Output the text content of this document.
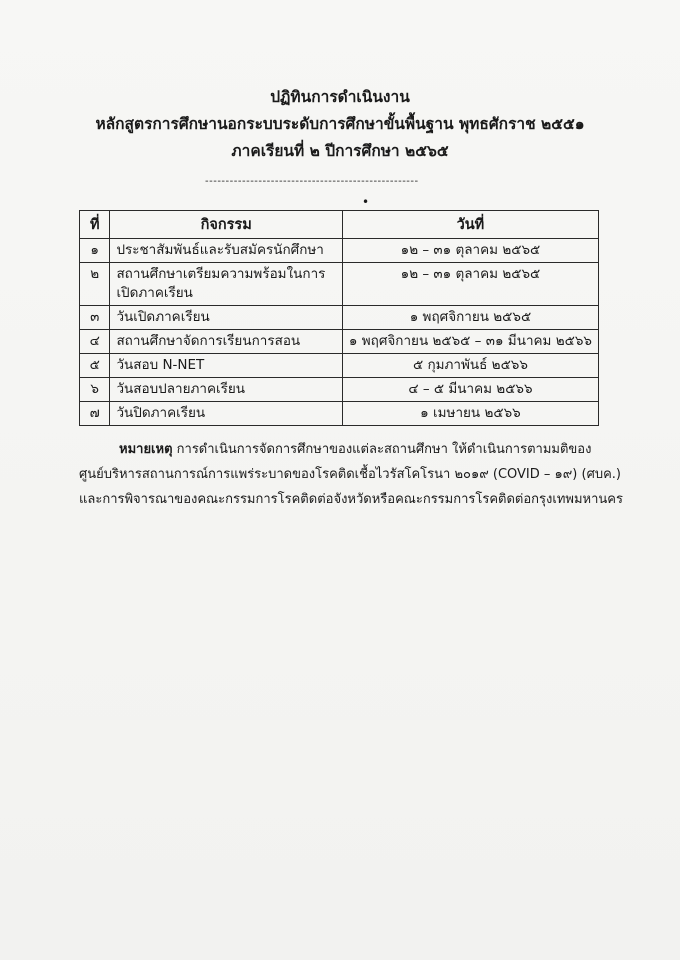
ปฏิทินการดำเนินงาน
หลักสูตรการศึกษานอกระบบระดับการศึกษาขั้นพื้นฐาน พุทธศักราช ๒๕๕๑
ภาคเรียนที่ ๒ ปีการศึกษา ๒๕๖๕
----------------------------------------------------
•
ที่	กิจกรรม	วันที่
๑	ประชาสัมพันธ์และรับสมัครนักศึกษา	๑๒ – ๓๑ ตุลาคม ๒๕๖๕
๒	สถานศึกษาเตรียมความพร้อมในการเปิดภาคเรียน	๑๒ – ๓๑ ตุลาคม ๒๕๖๕
๓	วันเปิดภาคเรียน	๑ พฤศจิกายน ๒๕๖๕
๔	สถานศึกษาจัดการเรียนการสอน	๑ พฤศจิกายน ๒๕๖๕ – ๓๑ มีนาคม ๒๕๖๖
๕	วันสอบ N-NET	๕ กุมภาพันธ์ ๒๕๖๖
๖	วันสอบปลายภาคเรียน	๔ – ๕ มีนาคม ๒๕๖๖
๗	วันปิดภาคเรียน	๑ เมษายน ๒๕๖๖
หมายเหตุ การดำเนินการจัดการศึกษาของแต่ละสถานศึกษา ให้ดำเนินการตามมติของ
ศูนย์บริหารสถานการณ์การแพร่ระบาดของโรคติดเชื้อไวรัสโคโรนา ๒๐๑๙ (COVID – ๑๙) (ศบค.)
และการพิจารณาของคณะกรรมการโรคติดต่อจังหวัดหรือคณะกรรมการโรคติดต่อกรุงเทพมหานคร
